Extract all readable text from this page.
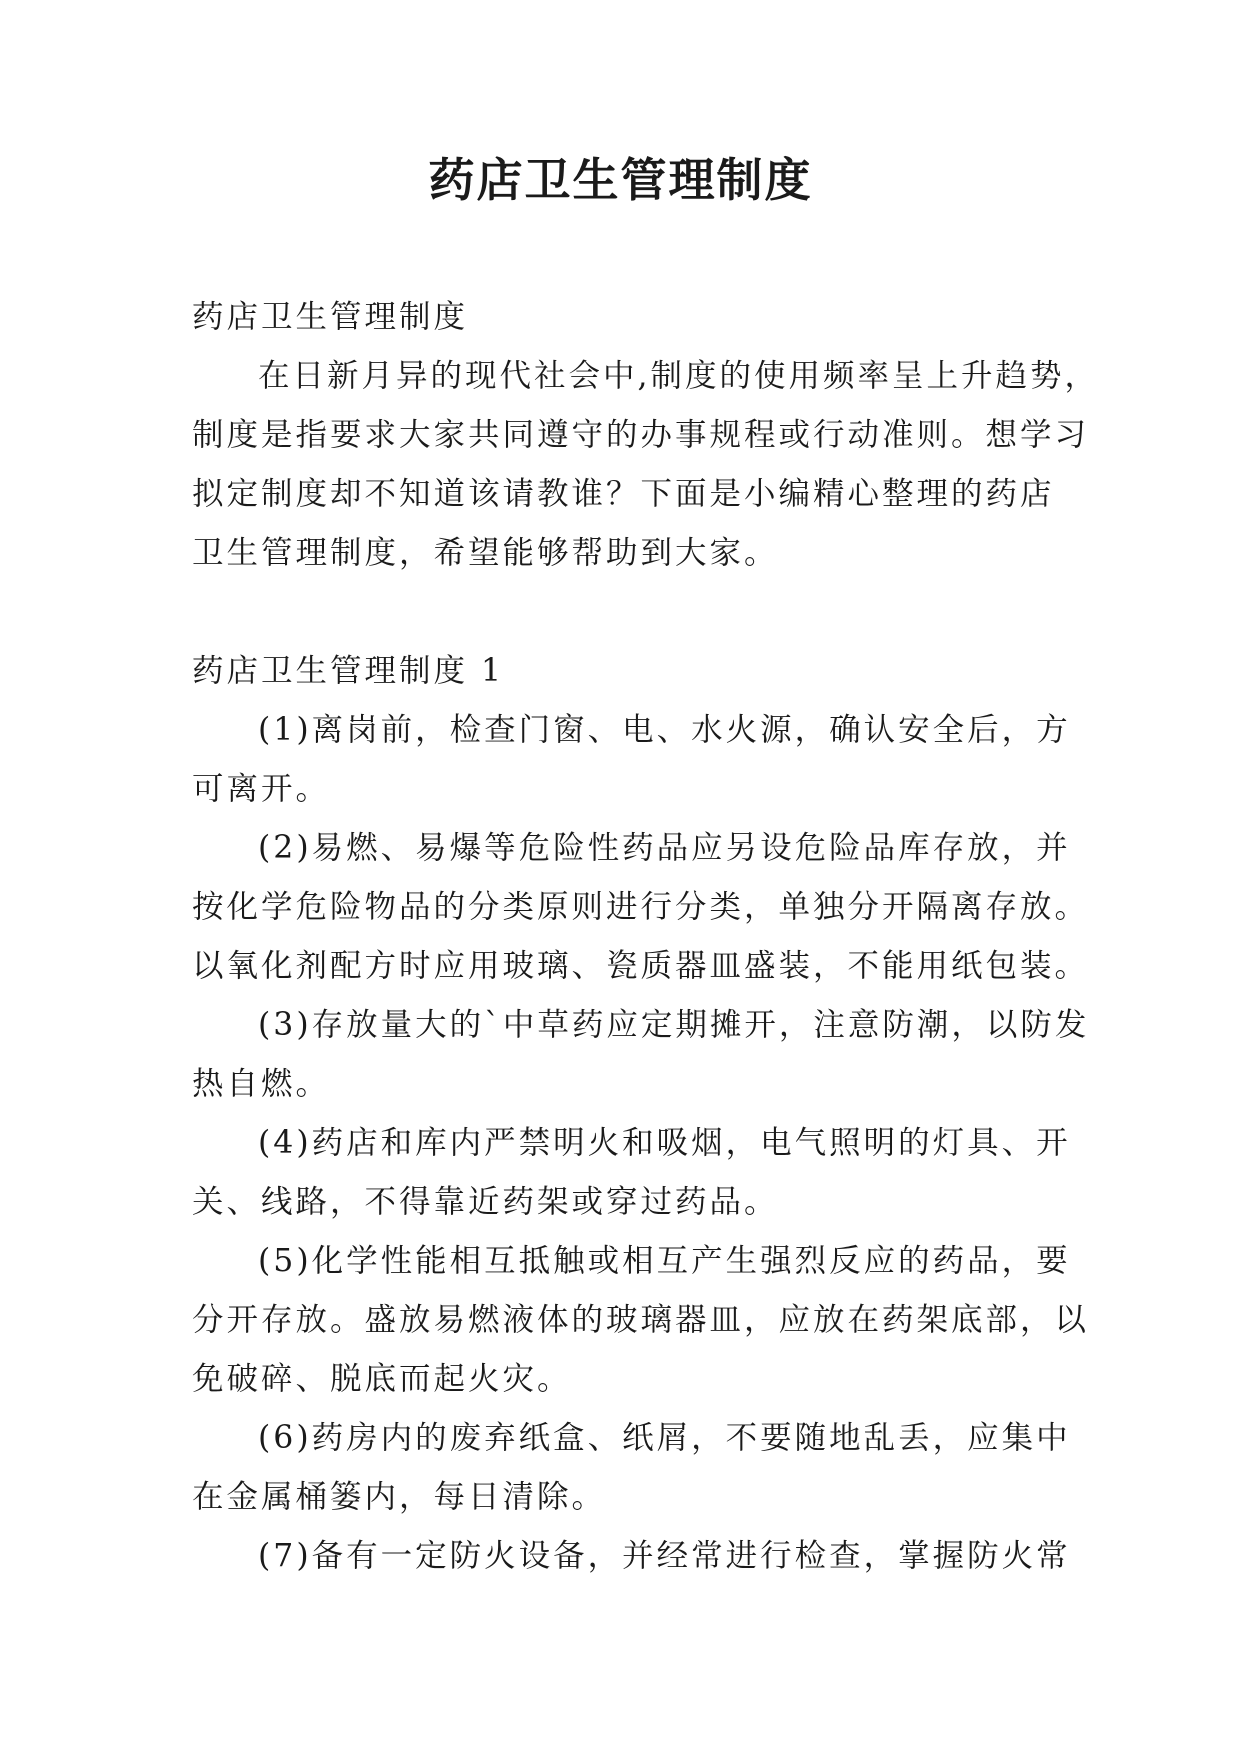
药店卫生管理制度
药店卫生管理制度
在日新月异的现代社会中,制度的使用频率呈上升趋势，
制度是指要求大家共同遵守的办事规程或行动准则。想学习
拟定制度却不知道该请教谁？下面是小编精心整理的药店
卫生管理制度，希望能够帮助到大家。
药店卫生管理制度 1
(1)离岗前，检查门窗、电、水火源，确认安全后，方
可离开。
(2)易燃、易爆等危险性药品应另设危险品库存放，并
按化学危险物品的分类原则进行分类，单独分开隔离存放。
以氧化剂配方时应用玻璃、瓷质器皿盛装，不能用纸包装。
(3)存放量大的`中草药应定期摊开，注意防潮，以防发
热自燃。
(4)药店和库内严禁明火和吸烟，电气照明的灯具、开
关、线路，不得靠近药架或穿过药品。
(5)化学性能相互抵触或相互产生强烈反应的药品，要
分开存放。盛放易燃液体的玻璃器皿，应放在药架底部，以
免破碎、脱底而起火灾。
(6)药房内的废弃纸盒、纸屑，不要随地乱丢，应集中
在金属桶篓内，每日清除。
(7)备有一定防火设备，并经常进行检查，掌握防火常
